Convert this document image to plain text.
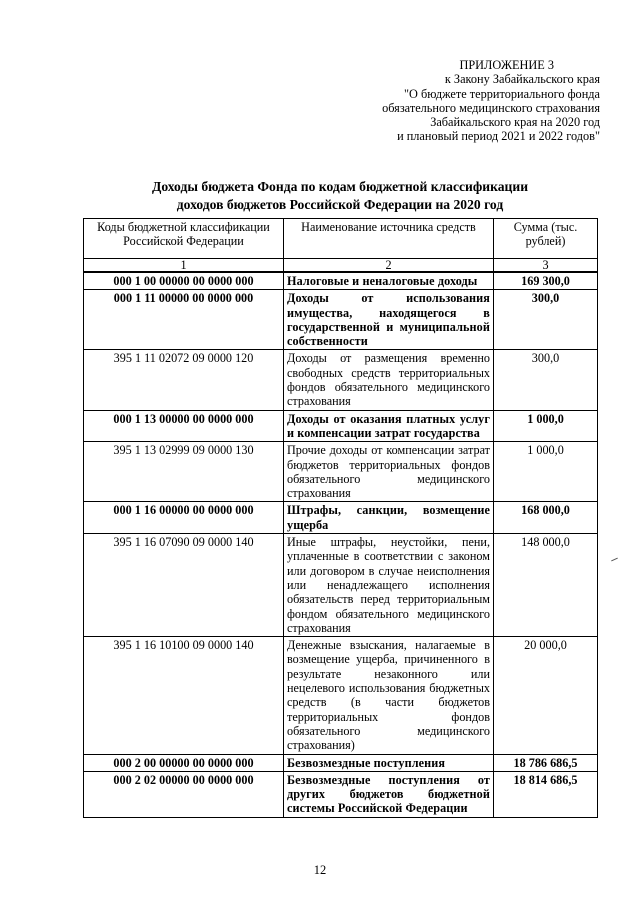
ПРИЛОЖЕНИЕ 3
к Закону Забайкальского края
"О бюджете территориального фонда
обязательного медицинского страхования
Забайкальского края на 2020 год
и плановый период 2021 и 2022 годов"
Доходы бюджета Фонда по кодам бюджетной классификации
доходов бюджетов Российской Федерации на 2020 год
Коды бюджетной классификации Российской Федерации	Наименование источника средств	Сумма (тыс. рублей)
1	2	3
000 1 00 00000 00 0000 000	Налоговые и неналоговые доходы	169 300,0
000 1 11 00000 00 0000 000	Доходы от использования имущества, находящегося в государственной и муниципальной собственности	300,0
395 1 11 02072 09 0000 120	Доходы от размещения временно свободных средств территориальных фондов обязательного медицинского страхования	300,0
000 1 13 00000 00 0000 000	Доходы от оказания платных услуг и компенсации затрат государства	1 000,0
395 1 13 02999 09 0000 130	Прочие доходы от компенсации затрат бюджетов территориальных фондов обязательного медицинского страхования	1 000,0
000 1 16 00000 00 0000 000	Штрафы, санкции, возмещение ущерба	168 000,0
395 1 16 07090 09 0000 140	Иные штрафы, неустойки, пени, уплаченные в соответствии с законом или договором в случае неисполнения или ненадлежащего исполнения обязательств перед территориальным фондом обязательного медицинского страхования	148 000,0
395 1 16 10100 09 0000 140	Денежные взыскания, налагаемые в возмещение ущерба, причиненного в результате незаконного или нецелевого использования бюджетных средств (в части бюджетов территориальных фондов обязательного медицинского страхования)	20 000,0
000 2 00 00000 00 0000 000	Безвозмездные поступления	18 786 686,5
000 2 02 00000 00 0000 000	Безвозмездные поступления от других бюджетов бюджетной системы Российской Федерации	18 814 686,5
12
